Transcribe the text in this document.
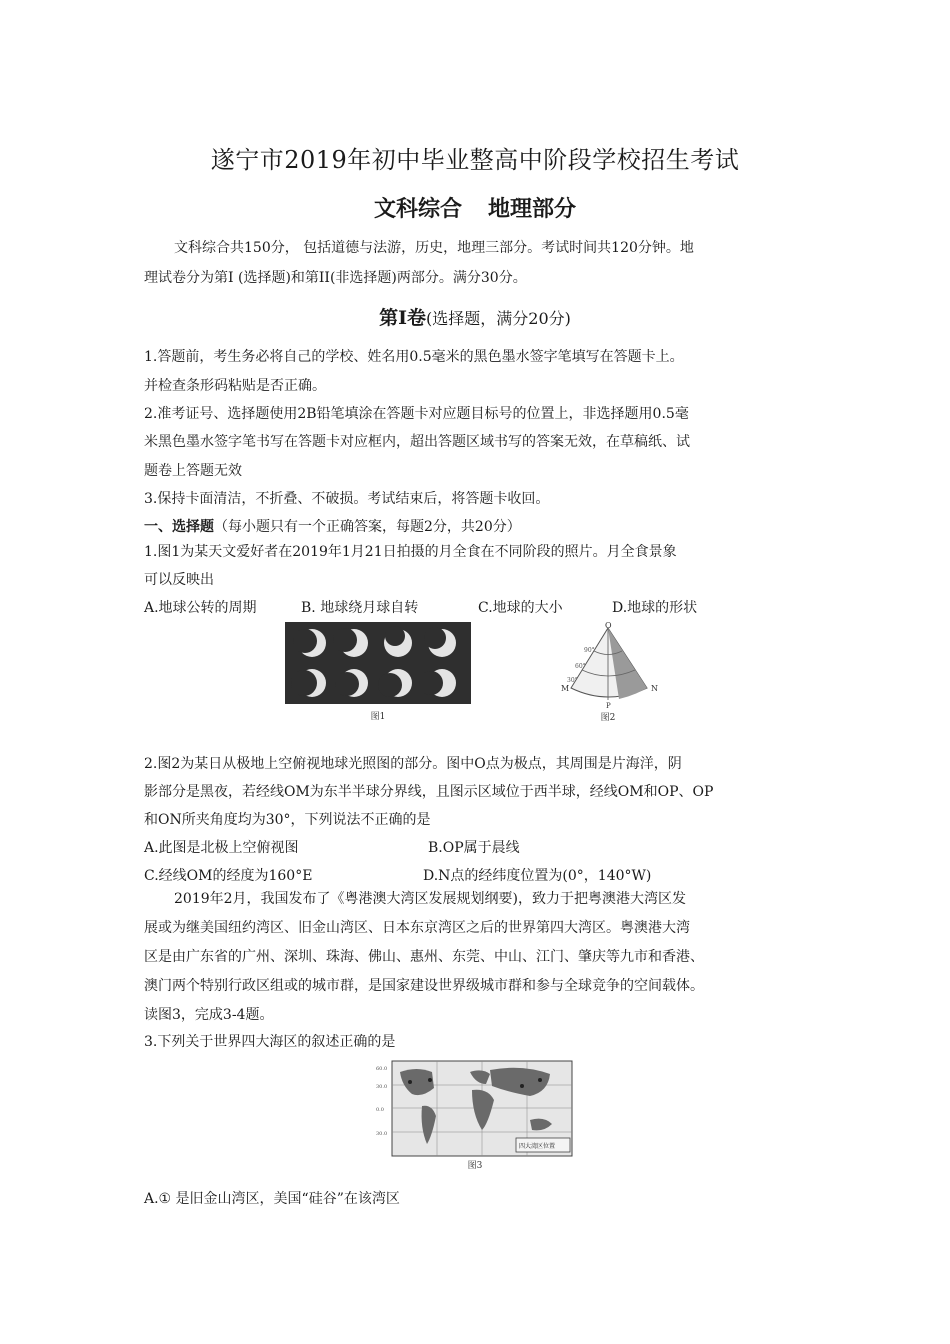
遂宁市2019年初中毕业整高中阶段学校招生考试
文科综合 地理部分
文科综合共150分， 包括道德与法游，历史，地理三部分。考试时间共120分钟。地
理试卷分为第Ⅰ (选择题)和第II(非选择题)两部分。满分30分。
第Ⅰ卷(选择题，满分20分)
1.答题前，考生务必将自己的学校、姓名用0.5毫米的黑色墨水签字笔填写在答题卡上。
并检查条形码粘贴是否正确。
2.准考证号、选择题使用2B铅笔填涂在答题卡对应题目标号的位置上，非选择题用0.5毫
米黑色墨水签字笔书写在答题卡对应框内，超出答题区域书写的答案无效，在草稿纸、试
题卷上答题无效
3.保持卡面清洁，不折叠、不破损。考试结束后，将答题卡收回。
一、选择题（每小题只有一个正确答案，每题2分，共20分）
1.图1为某天文爱好者在2019年1月21日拍摄的月全食在不同阶段的照片。月全食景象
可以反映出
A.地球公转的周期	B. 地球绕月球自转	C.地球的大小	D.地球的形状
图1
O
M	N
P
90°
60°
30°
图2
2.图2为某日从极地上空俯视地球光照图的部分。图中O点为极点，其周围是片海洋，阴
影部分是黑夜，若经线OM为东半半球分界线，且图示区域位于西半球，经线OM和OP、OP
和ON所夹角度均为30°，下列说法不正确的是
A.此图是北极上空俯视图	B.OP属于晨线
C.经线OM的经度为160°E	D.N点的经纬度位置为(0°，140°W)
2019年2月，我国发布了《粤港澳大湾区发展规划纲要)，致力于把粤澳港大湾区发
展或为继美国纽约湾区、旧金山湾区、日本东京湾区之后的世界第四大湾区。粤澳港大湾
区是由广东省的广州、深圳、珠海、佛山、惠州、东莞、中山、江门、肇庆等九市和香港、
澳门两个特别行政区组或的城市群，是国家建设世界级城市群和参与全球竞争的空间载体。
读图3，完成3-4题。
3.下列关于世界四大海区的叙述正确的是
四大湾区位置
60.0
30.0
0.0
30.0
图3
A.① 是旧金山湾区，美国“硅谷”在该湾区
